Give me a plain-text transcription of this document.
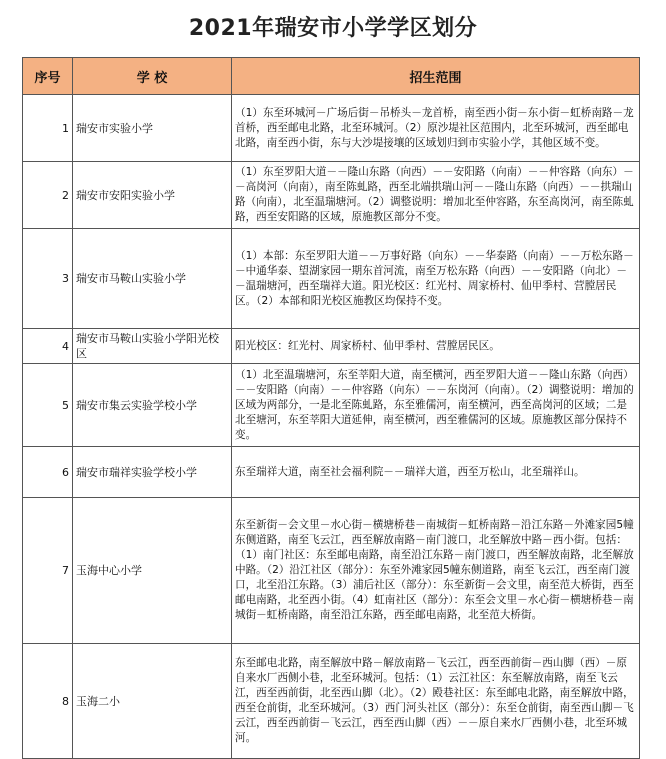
2021年瑞安市小学学区划分
序号	学 校	招生范围
1	瑞安市实验小学	（1）东至环城河－广场后街－吊桥头－龙首桥，南至西小街－东小街－虹桥南路－龙首桥，西至邮电北路，北至环城河。（2）原沙堤社区范围内，北至环城河，西至邮电北路，南至西小街，东与大沙堤接壤的区域划归到市实验小学，其他区域不变。
2	瑞安市安阳实验小学	（1）东至罗阳大道－－隆山东路（向西）－－安阳路（向南）－－仲容路（向东）－－高岗河（向南），南至陈虬路，西至北端拱瑞山河－－隆山东路（向西）－－拱瑞山路（向南），北至温瑞塘河。（2）调整说明：增加北至仲容路，东至高岗河，南至陈虬路，西至安阳路的区域，原施教区部分不变。
3	瑞安市马鞍山实验小学	（1）本部：东至罗阳大道－－万事好路（向东）－－华泰路（向南）－－万松东路－－中通华泰、望湖家园一期东首河流，南至万松东路（向西）－－安阳路（向北）－－温瑞塘河，西至瑞祥大道。阳光校区：红光村、周家桥村、仙甲季村、营膛居民区。（2）本部和阳光校区施教区均保持不变。
4	瑞安市马鞍山实验小学阳光校区	阳光校区：红光村、周家桥村、仙甲季村、营膛居民区。
5	瑞安市集云实验学校小学	（1）北至温瑞塘河，东至莘阳大道，南至横河，西至罗阳大道－－隆山东路（向西）－－安阳路（向南）－－仲容路（向东）－－东岗河（向南）。（2）调整说明：增加的区域为两部分，一是北至陈虬路，东至雅儒河，南至横河，西至高岗河的区域；二是北至塘河，东至莘阳大道延伸，南至横河，西至雅儒河的区域。原施教区部分保持不变。
6	瑞安市瑞祥实验学校小学	东至瑞祥大道，南至社会福利院－－瑞祥大道，西至万松山，北至瑞祥山。
7	玉海中心小学	东至新街－会文里－水心街－横塘桥巷－南城街－虹桥南路－沿江东路－外滩家园5幢东侧道路，南至飞云江，西至解放南路－南门渡口，北至解放中路－西小街。包括：（1）南门社区：东至邮电南路，南至沿江东路－南门渡口，西至解放南路，北至解放中路。（2）沿江社区（部分）：东至外滩家园5幢东侧道路，南至飞云江，西至南门渡口，北至沿江东路。（3）浦后社区（部分）：东至新街－会文里，南至范大桥街，西至邮电南路，北至西小街。（4）虹南社区（部分）：东至会文里－水心街－横塘桥巷－南城街－虹桥南路，南至沿江东路，西至邮电南路，北至范大桥街。
8	玉海二小	东至邮电北路，南至解放中路－解放南路－飞云江，西至西前街－西山脚（西）－原自来水厂西侧小巷，北至环城河。包括：（1）云江社区：东至解放南路，南至飞云江，西至西前街，北至西山脚（北）。（2）殿巷社区：东至邮电北路，南至解放中路，西至仓前街，北至环城河。（3）西门河头社区（部分）：东至仓前街，南至西山脚－飞云江，西至西前街－飞云江，西至西山脚（西）－－原自来水厂西侧小巷，北至环城河。
